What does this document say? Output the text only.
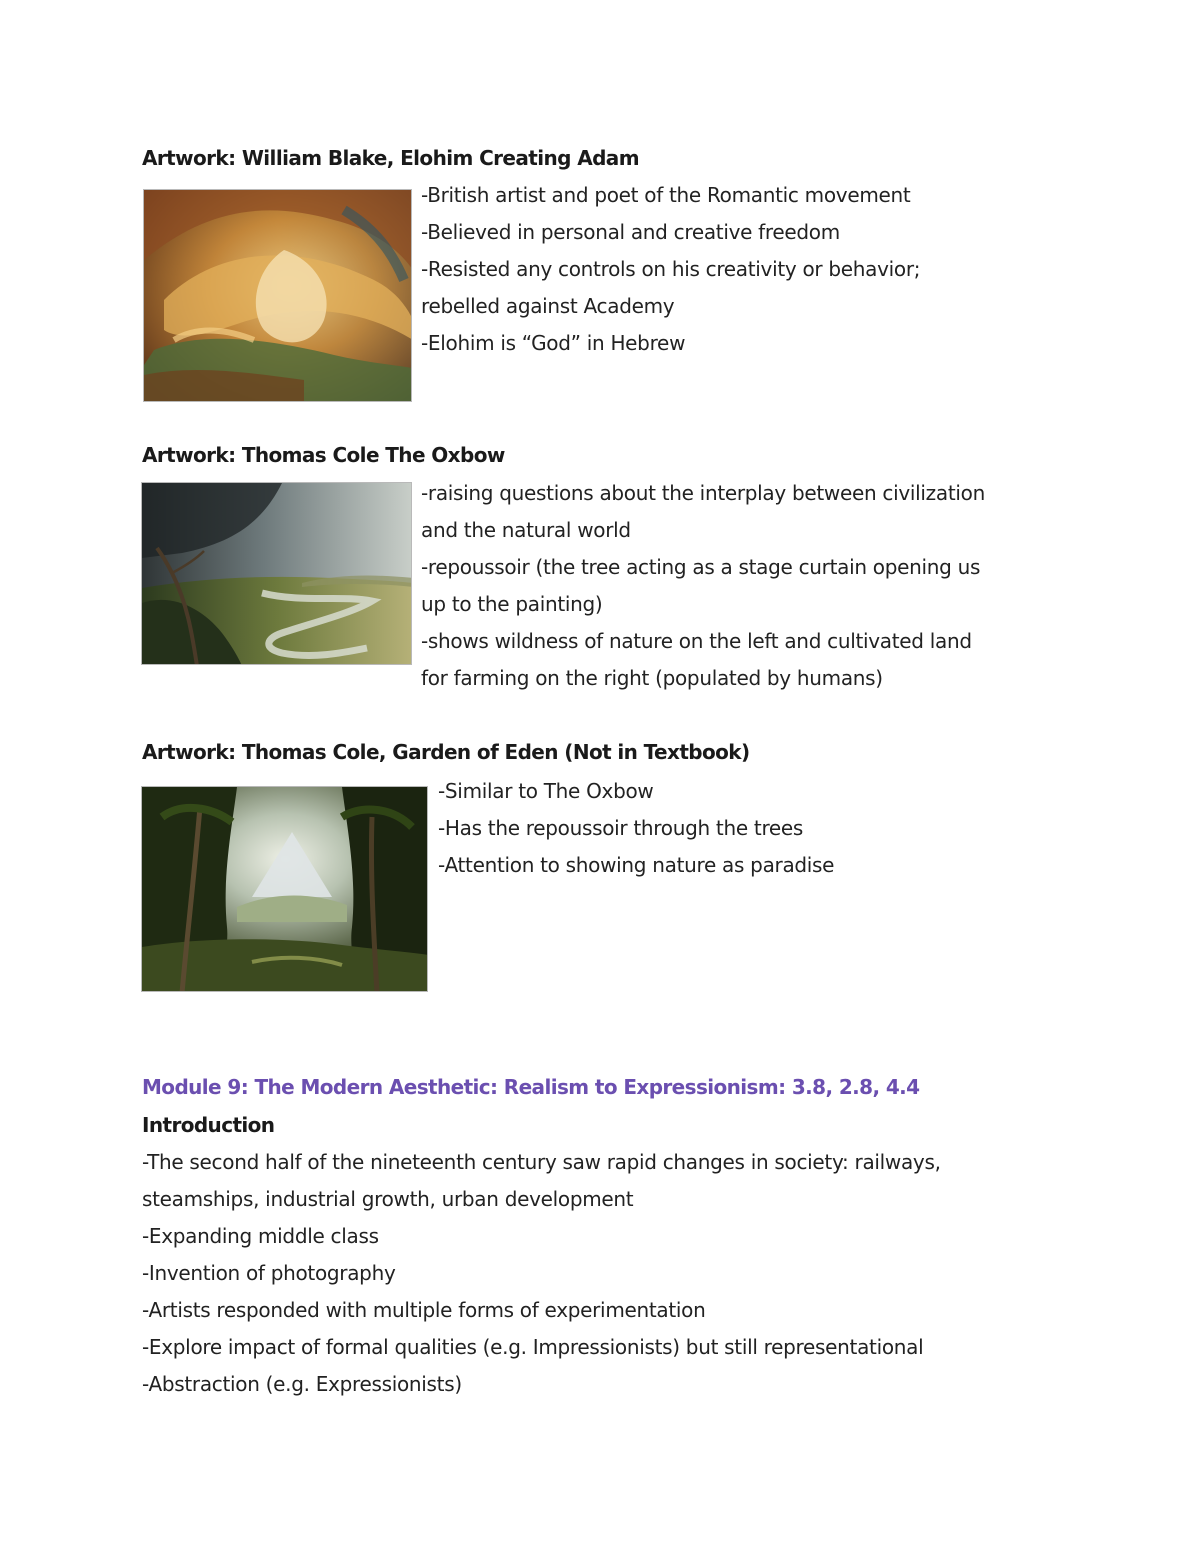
Artwork: William Blake, Elohim Creating Adam
-British artist and poet of the Romantic movement
-Believed in personal and creative freedom
-Resisted any controls on his creativity or behavior;
rebelled against Academy
-Elohim is “God” in Hebrew
Artwork: Thomas Cole The Oxbow
-raising questions about the interplay between civilization
and the natural world
-repoussoir (the tree acting as a stage curtain opening us
up to the painting)
-shows wildness of nature on the left and cultivated land
for farming on the right (populated by humans)
Artwork: Thomas Cole, Garden of Eden (Not in Textbook)
-Similar to The Oxbow
-Has the repoussoir through the trees
-Attention to showing nature as paradise
Module 9: The Modern Aesthetic: Realism to Expressionism: 3.8, 2.8, 4.4
Introduction
-The second half of the nineteenth century saw rapid changes in society: railways,
steamships, industrial growth, urban development
-Expanding middle class
-Invention of photography
-Artists responded with multiple forms of experimentation
-Explore impact of formal qualities (e.g. Impressionists) but still representational
-Abstraction (e.g. Expressionists)
